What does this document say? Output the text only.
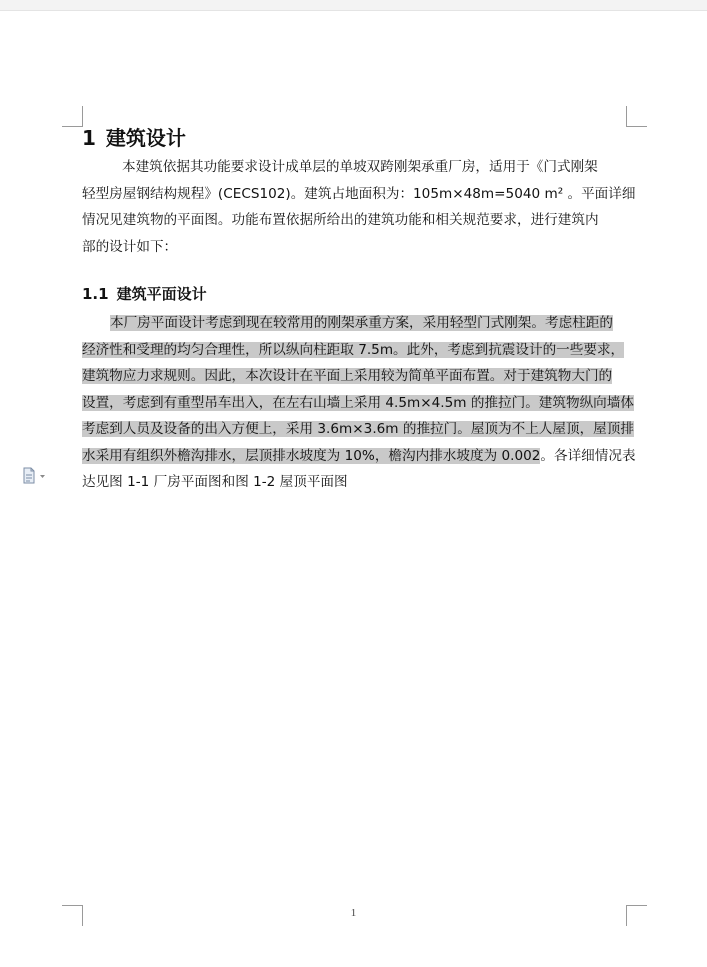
1 建筑设计
本建筑依据其功能要求设计成单层的单坡双跨刚架承重厂房，适用于《门式刚架
轻型房屋钢结构规程》(CECS102)。建筑占地面积为：105m×48m=5040 m² 。平面详细
情况见建筑物的平面图。功能布置依据所给出的建筑功能和相关规范要求，进行建筑内
部的设计如下：
1.1 建筑平面设计
本厂房平面设计考虑到现在较常用的刚架承重方案，采用轻型门式刚架。考虑柱距的
经济性和受理的均匀合理性，所以纵向柱距取 7.5m。此外，考虑到抗震设计的一些要求，
建筑物应力求规则。因此，本次设计在平面上采用较为简单平面布置。对于建筑物大门的
设置，考虑到有重型吊车出入，在左右山墙上采用 4.5m×4.5m 的推拉门。建筑物纵向墙体
考虑到人员及设备的出入方便上，采用 3.6m×3.6m 的推拉门。屋顶为不上人屋顶，屋顶排
水采用有组织外檐沟排水，层顶排水坡度为 10%，檐沟内排水坡度为 0.002。各详细情况表
达见图 1-1 厂房平面图和图 1-2 屋顶平面图
1
